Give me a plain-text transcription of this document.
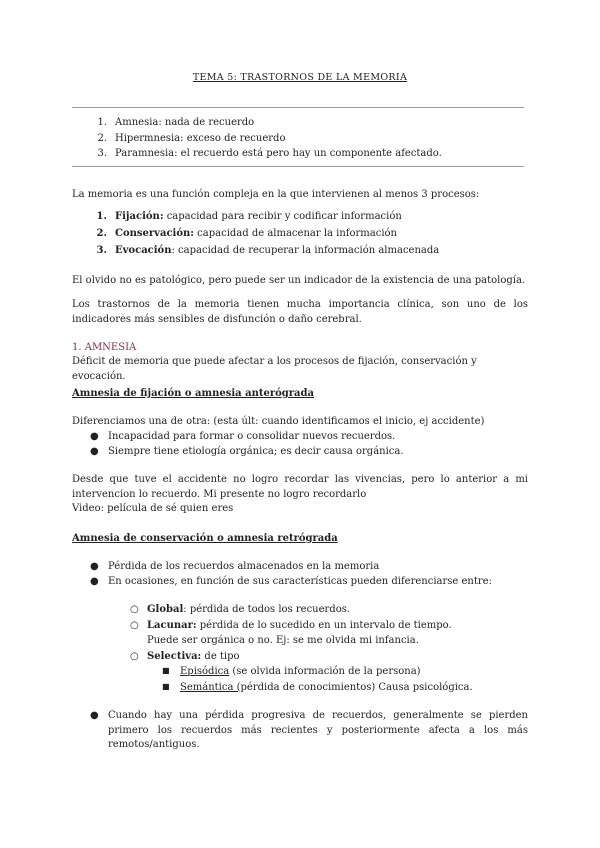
TEMA 5: TRASTORNOS DE LA MEMORIA
1. Amnesia: nada de recuerdo
2. Hipermnesia: exceso de recuerdo
3. Paramnesia: el recuerdo está pero hay un componente afectado.
La memoria es una función compleja en la que intervienen al menos 3 procesos:
1. Fijación: capacidad para recibir y codificar información
2. Conservación: capacidad de almacenar la información
3. Evocación: capacidad de recuperar la información almacenada
El olvido no es patológico, pero puede ser un indicador de la existencia de una patología.
Los trastornos de la memoria tienen mucha importancia clínica, son uno de los indicadores más sensibles de disfunción o daño cerebral.
1. AMNESIA
Déficit de memoria que puede afectar a los procesos de fijación, conservación y evocación.
Amnesia de fijación o amnesia anterógrada
Diferenciamos una de otra: (esta últ: cuando identificamos el inicio, ej accidente)
● Incapacidad para formar o consolidar nuevos recuerdos.
● Siempre tiene etiología orgánica; es decir causa orgánica.
Desde que tuve el accidente no logro recordar las vivencias, pero lo anterior a mi intervencion lo recuerdo. Mi presente no logro recordarlo
Video: película de sé quien eres
Amnesia de conservación o amnesia retrógrada
● Pérdida de los recuerdos almacenados en la memoria
● En ocasiones, en función de sus características pueden diferenciarse entre:
○ Global: pérdida de todos los recuerdos.
○ Lacunar: pérdida de lo sucedido en un intervalo de tiempo.
Puede ser orgánica o no. Ej: se me olvida mi infancia.
○ Selectiva: de tipo
■ Episódica (se olvida información de la persona)
■ Semántica (pérdida de conocimientos) Causa psicológica.
● Cuando hay una pérdida progresiva de recuerdos, generalmente se pierden primero los recuerdos más recientes y posteriormente afecta a los más remotos/antiguos.
